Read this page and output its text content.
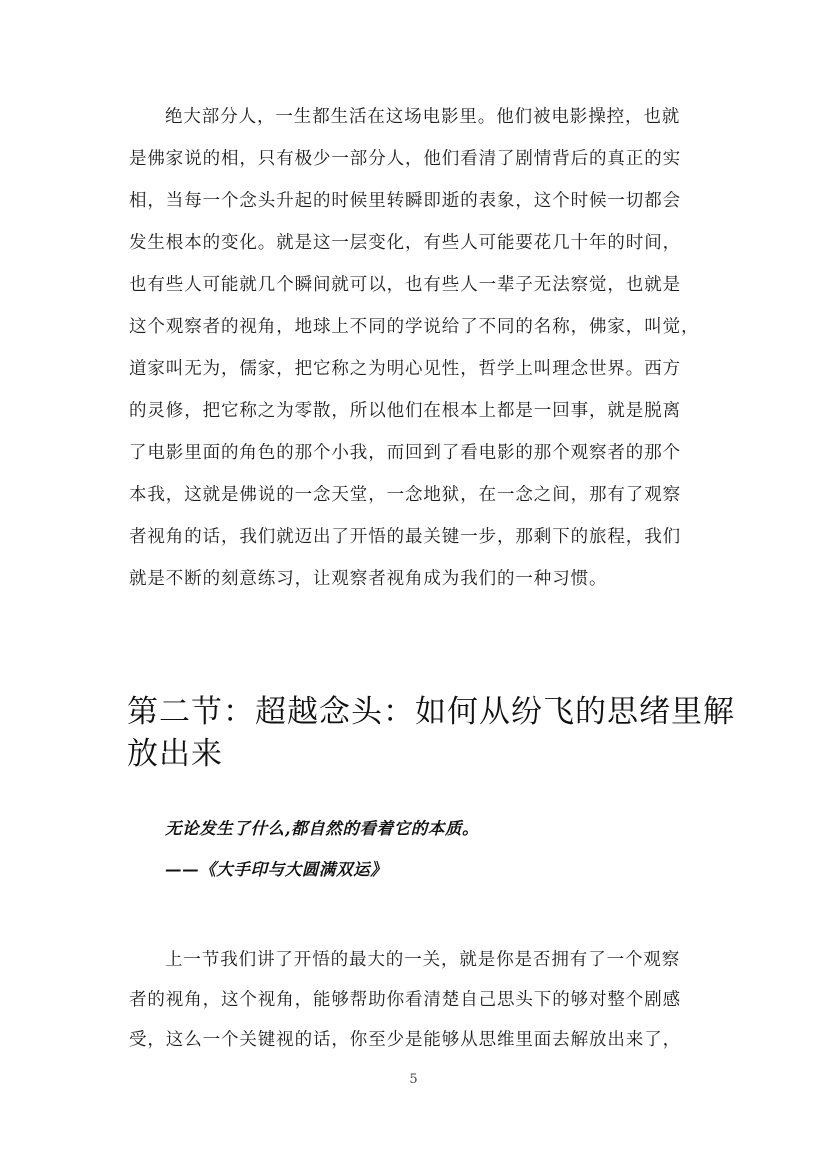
绝大部分人，一生都生活在这场电影里。他们被电影操控，也就
是佛家说的相，只有极少一部分人，他们看清了剧情背后的真正的实
相，当每一个念头升起的时候里转瞬即逝的表象，这个时候一切都会
发生根本的变化。就是这一层变化，有些人可能要花几十年的时间，
也有些人可能就几个瞬间就可以，也有些人一辈子无法察觉，也就是
这个观察者的视角，地球上不同的学说给了不同的名称，佛家，叫觉，
道家叫无为，儒家，把它称之为明心见性，哲学上叫理念世界。西方
的灵修，把它称之为零散，所以他们在根本上都是一回事，就是脱离
了电影里面的角色的那个小我，而回到了看电影的那个观察者的那个
本我，这就是佛说的一念天堂，一念地狱，在一念之间，那有了观察
者视角的话，我们就迈出了开悟的最关键一步，那剩下的旅程，我们
就是不断的刻意练习，让观察者视角成为我们的一种习惯。
第二节：超越念头：如何从纷飞的思绪里解
放出来
无论发生了什么,都自然的看着它的本质。
——《大手印与大圆满双运》
上一节我们讲了开悟的最大的一关，就是你是否拥有了一个观察
者的视角，这个视角，能够帮助你看清楚自己思头下的够对整个剧感
受，这么一个关键视的话，你至少是能够从思维里面去解放出来了，
5
